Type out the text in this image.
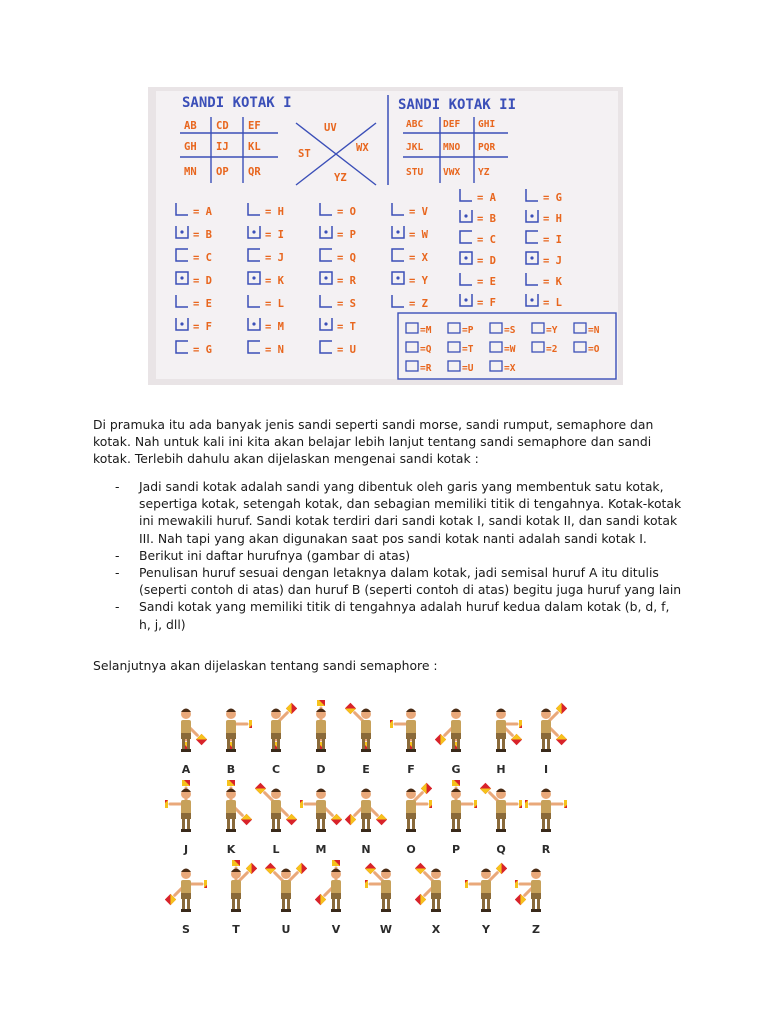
SANDI KOTAK I	SANDI KOTAK II
AB CD EF
GH IJ KL
MN OP QR
UV
ST	WX
YZ
ABC DEF GHI
JKL MNO PQR
STU VWX YZ
= A
= B
= C
= D
= E
= F
= G
= H
= I
= J
= K
= L
= M
= N
= O
= P
= Q
= R
= S
= T
= U
= V
= W
= X
= Y
= Z
= A
= B
= C
= D
= E
= F
= G
= H
= I
= J
= K
= L
=M	=P	=S	=Y	=N
=Q	=T	=W	=2	=O
=R	=U	=X
Di pramuka itu ada banyak jenis sandi seperti sandi morse, sandi rumput, semaphore dan kotak. Nah untuk kali ini kita akan belajar lebih lanjut tentang sandi semaphore dan sandi kotak. Terlebih dahulu akan dijelaskan mengenai sandi kotak :
- Jadi sandi kotak adalah sandi yang dibentuk oleh garis yang membentuk satu kotak, sepertiga kotak, setengah kotak, dan sebagian memiliki titik di tengahnya. Kotak-kotak ini mewakili huruf. Sandi kotak terdiri dari sandi kotak I, sandi kotak II, dan sandi kotak III. Nah tapi yang akan digunakan saat pos sandi kotak nanti adalah sandi kotak I.
- Berikut ini daftar hurufnya (gambar di atas)
- Penulisan huruf sesuai dengan letaknya dalam kotak, jadi semisal huruf A itu ditulis (seperti contoh di atas) dan huruf B (seperti contoh di atas) begitu juga huruf yang lain
- Sandi kotak yang memiliki titik di tengahnya adalah huruf kedua dalam kotak (b, d, f, h, j, dll)
Selanjutnya akan dijelaskan tentang sandi semaphore :
A	B	C	D	E	F	G	H	I
J	K	L	M	N	O	P	Q	R
S	T	U	V	W	X	Y	Z
